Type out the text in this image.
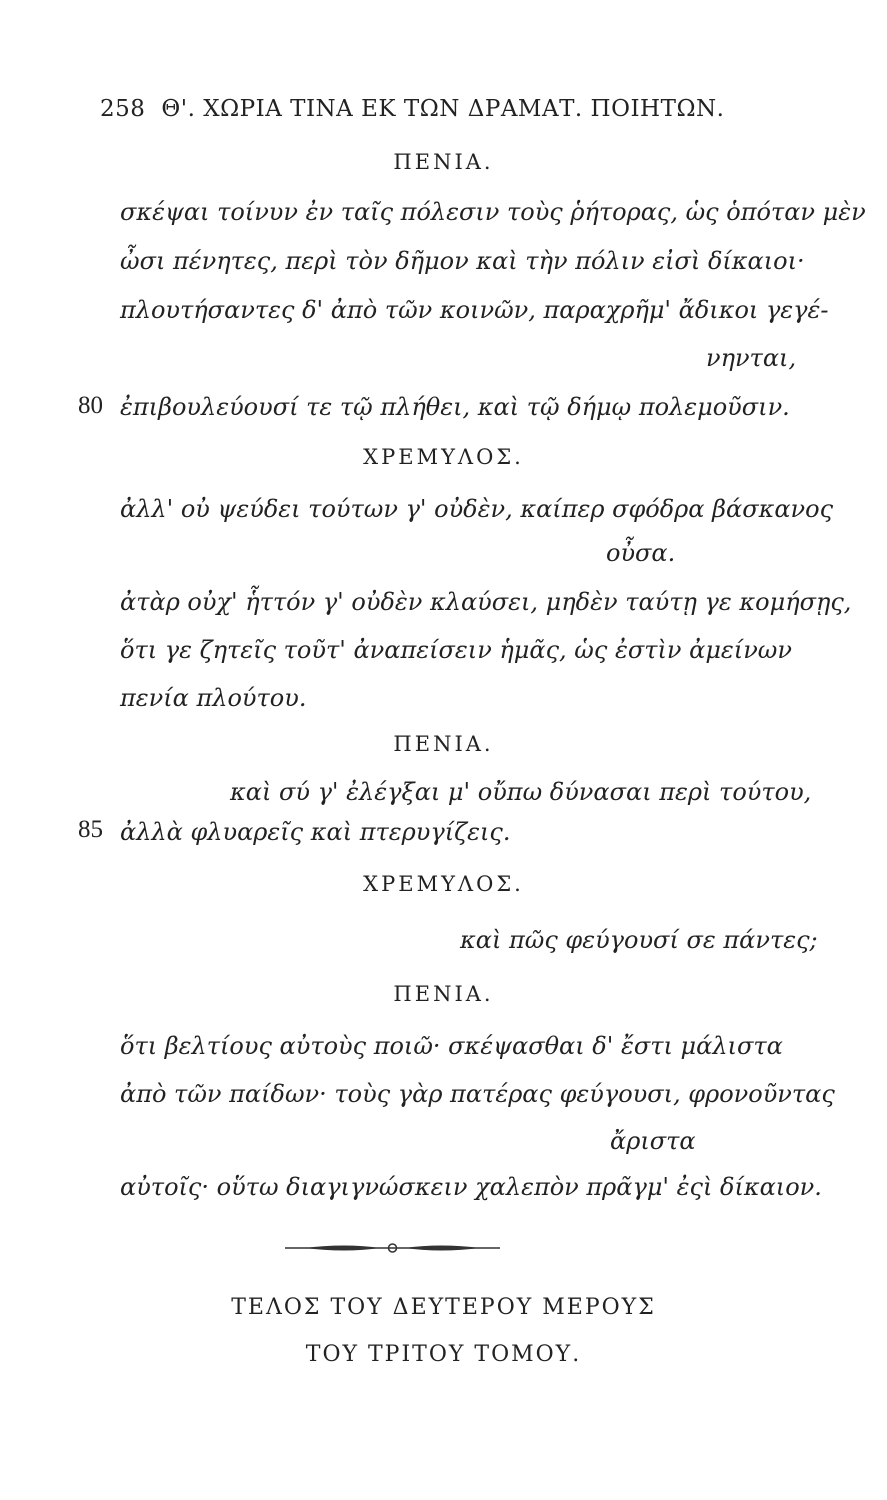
258 Θ'. ΧΩΡΙΑ ΤΙΝΑ ΕΚ ΤΩΝ ΔΡΑΜΑΤ. ΠΟΙΗΤΩΝ.
ΠΕΝΙΑ.
σκέψαι τοίνυν ἐν ταῖς πόλεσιν τοὺς ῥήτορας, ὡς ὁπόταν μὲν
ὦσι πένητες, περὶ τὸν δῆμον καὶ τὴν πόλιν εἰσὶ δίκαιοι·
πλουτήσαντες δ' ἀπὸ τῶν κοινῶν, παραχρῆμ' ἄδικοι γεγέ-
νηνται,
80 ἐπιβουλεύουσί τε τῷ πλήθει, καὶ τῷ δήμῳ πολεμοῦσιν.
ΧΡΕΜΥΛΟΣ.
ἀλλ' οὐ ψεύδει τούτων γ' οὐδὲν, καίπερ σφόδρα βάσκανος
οὖσα.
ἀτὰρ οὐχ' ἧττόν γ' οὐδὲν κλαύσει, μηδὲν ταύτῃ γε κομήσῃς,
ὅτι γε ζητεῖς τοῦτ' ἀναπείσειν ἡμᾶς, ὡς ἐστὶν ἀμείνων
πενία πλούτου.
ΠΕΝΙΑ.
καὶ σύ γ' ἐλέγξαι μ' οὔπω δύνασαι περὶ τούτου,
85 ἀλλὰ φλυαρεῖς καὶ πτερυγίζεις.
ΧΡΕΜΥΛΟΣ.
καὶ πῶς φεύγουσί σε πάντες;
ΠΕΝΙΑ.
ὅτι βελτίους αὐτοὺς ποιῶ· σκέψασθαι δ' ἔστι μάλιστα
ἀπὸ τῶν παίδων· τοὺς γὰρ πατέρας φεύγουσι, φρονοῦντας
ἄριστα
αὐτοῖς· οὕτω διαγιγνώσκειν χαλεπὸν πρᾶγμ' ἐςὶ δίκαιον.
ΤΕΛΟΣ ΤΟΥ ΔΕΥΤΕΡΟΥ ΜΕΡΟΥΣ
ΤΟΥ ΤΡΙΤΟΥ ΤΟΜΟΥ.
